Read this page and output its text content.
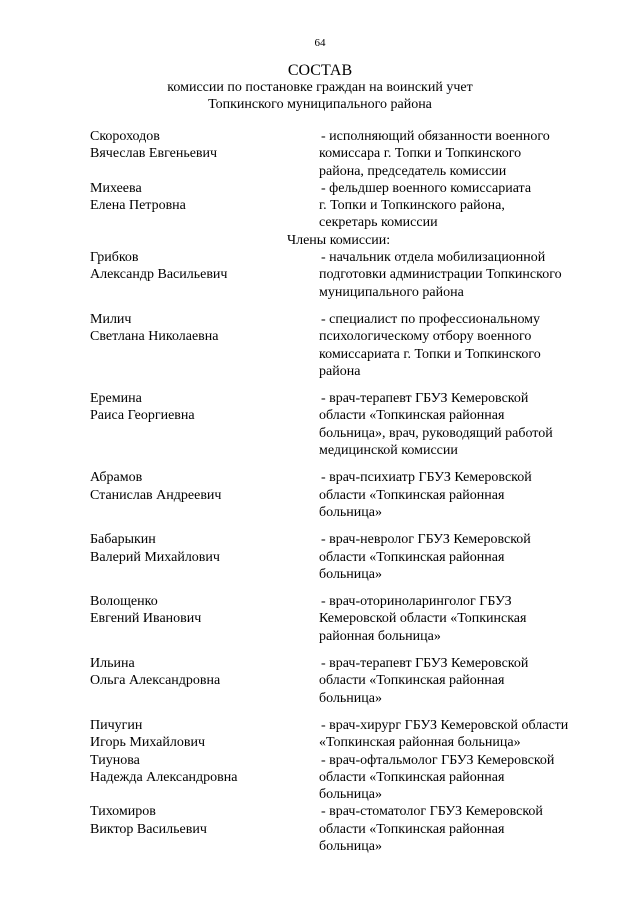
64
СОСТАВ
комиссии по постановке граждан на воинский учет
Топкинского муниципального района
Скороходов
Вячеслав Евгеньевич
- исполняющий обязанности военного
комиссара г. Топки и Топкинского
района, председатель комиссии
Михеева
Елена Петровна
- фельдшер военного комиссариата
г. Топки и Топкинского района,
секретарь комиссии
Члены комиссии:
Грибков
Александр Васильевич
- начальник отдела мобилизационной
подготовки администрации Топкинского
муниципального района
Милич
Светлана Николаевна
- специалист по профессиональному
психологическому отбору военного
комиссариата г. Топки и Топкинского
района
Еремина
Раиса Георгиевна
- врач-терапевт ГБУЗ Кемеровской
области «Топкинская районная
больница», врач, руководящий работой
медицинской комиссии
Абрамов
Станислав Андреевич
- врач-психиатр ГБУЗ Кемеровской
области «Топкинская районная
больница»
Бабарыкин
Валерий Михайлович
- врач-невролог ГБУЗ Кемеровской
области «Топкинская районная
больница»
Волощенко
Евгений Иванович
- врач-оториноларинголог ГБУЗ
Кемеровской области «Топкинская
районная больница»
Ильина
Ольга Александровна
- врач-терапевт ГБУЗ Кемеровской
области «Топкинская районная
больница»
Пичугин
Игорь Михайлович
- врач-хирург ГБУЗ Кемеровской области
«Топкинская районная больница»
Тиунова
Надежда Александровна
- врач-офтальмолог ГБУЗ Кемеровской
области «Топкинская районная
больница»
Тихомиров
Виктор Васильевич
- врач-стоматолог ГБУЗ Кемеровской
области «Топкинская районная
больница»
